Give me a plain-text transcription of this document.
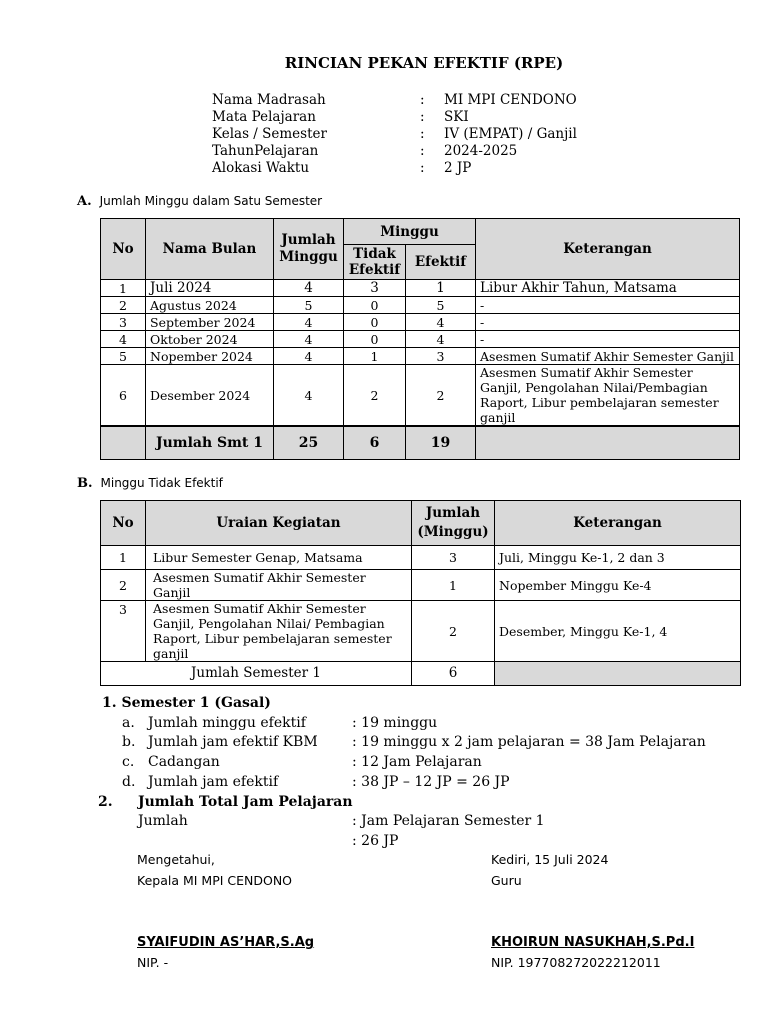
RINCIAN PEKAN EFEKTIF (RPE)
Nama Madrasah	:	MI MPI CENDONO
Mata Pelajaran	:	SKI
Kelas / Semester	:	IV (EMPAT) / Ganjil
TahunPelajaran	:	2024-2025
Alokasi Waktu	:	2 JP
A. Jumlah Minggu dalam Satu Semester
No	Nama Bulan	Jumlah Minggu	Minggu		Keterangan
			Tidak Efektif	Efektif	
1	Juli 2024	4	3	1	Libur Akhir Tahun, Matsama
2	Agustus 2024	5	0	5	-
3	September 2024	4	0	4	-
4	Oktober 2024	4	0	4	-
5	Nopember 2024	4	1	3	Asesmen Sumatif Akhir Semester Ganjil
6	Desember 2024	4	2	2	Asesmen Sumatif Akhir Semester Ganjil, Pengolahan Nilai/Pembagian Raport, Libur pembelajaran semester ganjil
	Jumlah Smt 1	25	6	19	
B. Minggu Tidak Efektif
No	Uraian Kegiatan	Jumlah (Minggu)	Keterangan
1	Libur Semester Genap, Matsama	3	Juli, Minggu Ke-1, 2 dan 3
2	Asesmen Sumatif Akhir Semester Ganjil	1	Nopember Minggu Ke-4
3	Asesmen Sumatif Akhir Semester Ganjil, Pengolahan Nilai/ Pembagian Raport, Libur pembelajaran semester ganjil	2	Desember, Minggu Ke-1, 4
Jumlah Semester 1		6	
1.
Semester 1 (Gasal)
a. Jumlah minggu efektif	: 19 minggu
b. Jumlah jam efektif KBM	: 19 minggu x 2 jam pelajaran = 38 Jam Pelajaran
c. Cadangan	: 12 Jam Pelajaran
d. Jumlah jam efektif	: 38 JP – 12 JP = 26 JP
2.	Jumlah Total Jam Pelajaran
Jumlah	: Jam Pelajaran Semester 1
: 26 JP
Mengetahui,
Kepala MI MPI CENDONO
SYAIFUDIN AS’HAR,S.Ag
NIP. -
Kediri, 15 Juli 2024
Guru
KHOIRUN NASUKHAH,S.Pd.I
NIP. 197708272022212011
